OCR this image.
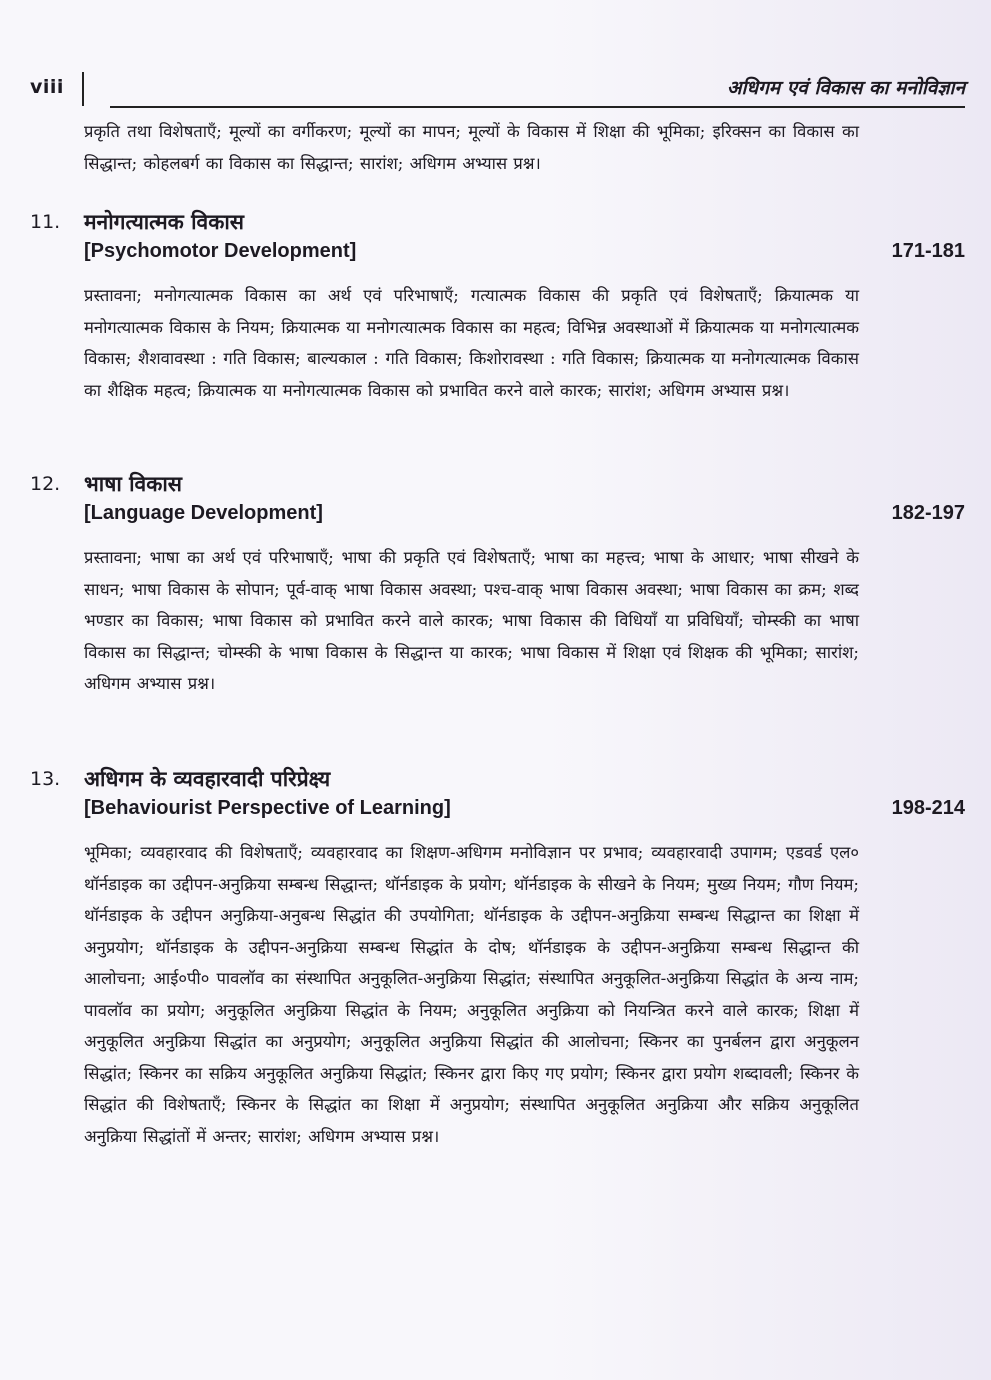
viii	अधिगम एवं विकास का मनोविज्ञान
प्रकृति तथा विशेषताएँ; मूल्यों का वर्गीकरण; मूल्यों का मापन; मूल्यों के विकास में शिक्षा की भूमिका; इरिक्सन का विकास का सिद्धान्त; कोहलबर्ग का विकास का सिद्धान्त; सारांश; अधिगम अभ्यास प्रश्न।
11. मनोगत्यात्मक विकास
[Psychomotor Development]	171-181
प्रस्तावना; मनोगत्यात्मक विकास का अर्थ एवं परिभाषाएँ; गत्यात्मक विकास की प्रकृति एवं विशेषताएँ; क्रियात्मक या मनोगत्यात्मक विकास के नियम; क्रियात्मक या मनोगत्यात्मक विकास का महत्व; विभिन्न अवस्थाओं में क्रियात्मक या मनोगत्यात्मक विकास; शैशवावस्था : गति विकास; बाल्यकाल : गति विकास; किशोरावस्था : गति विकास; क्रियात्मक या मनोगत्यात्मक विकास का शैक्षिक महत्व; क्रियात्मक या मनोगत्यात्मक विकास को प्रभावित करने वाले कारक; सारांश; अधिगम अभ्यास प्रश्न।
12. भाषा विकास
[Language Development]	182-197
प्रस्तावना; भाषा का अर्थ एवं परिभाषाएँ; भाषा की प्रकृति एवं विशेषताएँ; भाषा का महत्त्व; भाषा के आधार; भाषा सीखने के साधन; भाषा विकास के सोपान; पूर्व-वाक् भाषा विकास अवस्था; पश्च-वाक् भाषा विकास अवस्था; भाषा विकास का क्रम; शब्द भण्डार का विकास; भाषा विकास को प्रभावित करने वाले कारक; भाषा विकास की विधियाँ या प्रविधियाँ; चोम्स्की का भाषा विकास का सिद्धान्त; चोम्स्की के भाषा विकास के सिद्धान्त या कारक; भाषा विकास में शिक्षा एवं शिक्षक की भूमिका; सारांश; अधिगम अभ्यास प्रश्न।
13. अधिगम के व्यवहारवादी परिप्रेक्ष्य
[Behaviourist Perspective of Learning]	198-214
भूमिका; व्यवहारवाद की विशेषताएँ; व्यवहारवाद का शिक्षण-अधिगम मनोविज्ञान पर प्रभाव; व्यवहारवादी उपागम; एडवर्ड एल० थॉर्नडाइक का उद्दीपन-अनुक्रिया सम्बन्ध सिद्धान्त; थॉर्नडाइक के प्रयोग; थॉर्नडाइक के सीखने के नियम; मुख्य नियम; गौण नियम; थॉर्नडाइक के उद्दीपन अनुक्रिया-अनुबन्ध सिद्धांत की उपयोगिता; थॉर्नडाइक के उद्दीपन-अनुक्रिया सम्बन्ध सिद्धान्त का शिक्षा में अनुप्रयोग; थॉर्नडाइक के उद्दीपन-अनुक्रिया सम्बन्ध सिद्धांत के दोष; थॉर्नडाइक के उद्दीपन-अनुक्रिया सम्बन्ध सिद्धान्त की आलोचना; आई०पी० पावलॉव का संस्थापित अनुकूलित-अनुक्रिया सिद्धांत; संस्थापित अनुकूलित-अनुक्रिया सिद्धांत के अन्य नाम; पावलॉव का प्रयोग; अनुकूलित अनुक्रिया सिद्धांत के नियम; अनुकूलित अनुक्रिया को नियन्त्रित करने वाले कारक; शिक्षा में अनुकूलित अनुक्रिया सिद्धांत का अनुप्रयोग; अनुकूलित अनुक्रिया सिद्धांत की आलोचना; स्किनर का पुनर्बलन द्वारा अनुकूलन सिद्धांत; स्किनर का सक्रिय अनुकूलित अनुक्रिया सिद्धांत; स्किनर द्वारा किए गए प्रयोग; स्किनर द्वारा प्रयोग शब्दावली; स्किनर के सिद्धांत की विशेषताएँ; स्किनर के सिद्धांत का शिक्षा में अनुप्रयोग; संस्थापित अनुकूलित अनुक्रिया और सक्रिय अनुकूलित अनुक्रिया सिद्धांतों में अन्तर; सारांश; अधिगम अभ्यास प्रश्न।
